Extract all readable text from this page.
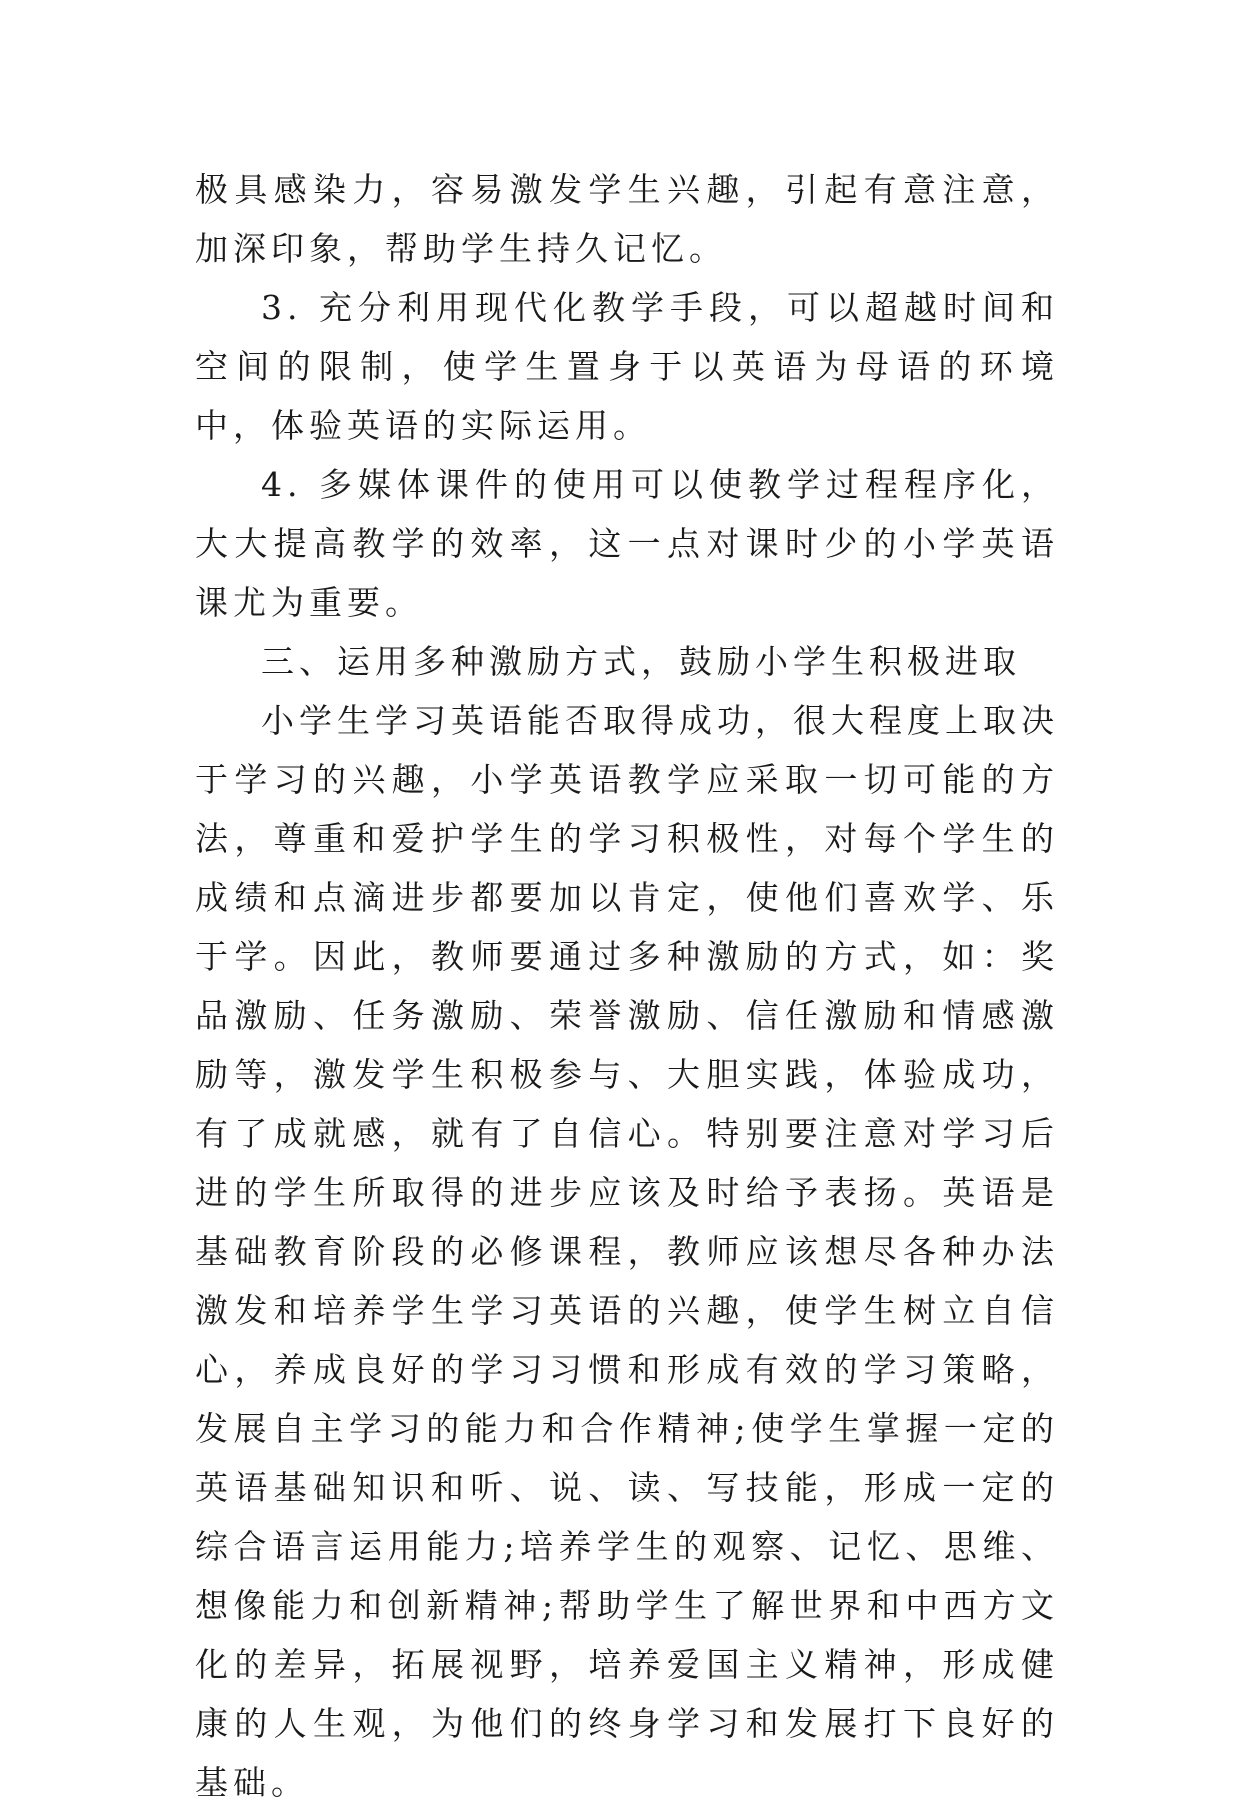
极具感染力，容易激发学生兴趣，引起有意注意，加深印象，帮助学生持久记忆。

3. 充分利用现代化教学手段，可以超越时间和空间的限制，使学生置身于以英语为母语的环境中，体验英语的实际运用。

4. 多媒体课件的使用可以使教学过程程序化，大大提高教学的效率，这一点对课时少的小学英语课尤为重要。

三、运用多种激励方式，鼓励小学生积极进取

小学生学习英语能否取得成功，很大程度上取决于学习的兴趣，小学英语教学应采取一切可能的方法，尊重和爱护学生的学习积极性，对每个学生的成绩和点滴进步都要加以肯定，使他们喜欢学、乐于学。因此，教师要通过多种激励的方式，如：奖品激励、任务激励、荣誉激励、信任激励和情感激励等，激发学生积极参与、大胆实践，体验成功，有了成就感，就有了自信心。特别要注意对学习后进的学生所取得的进步应该及时给予表扬。英语是基础教育阶段的必修课程，教师应该想尽各种办法激发和培养学生学习英语的兴趣，使学生树立自信心，养成良好的学习习惯和形成有效的学习策略，发展自主学习的能力和合作精神;使学生掌握一定的英语基础知识和听、说、读、写技能，形成一定的综合语言运用能力;培养学生的观察、记忆、思维、想像能力和创新精神;帮助学生了解世界和中西方文化的差异，拓展视野，培养爱国主义精神，形成健康的人生观，为他们的终身学习和发展打下良好的基础。
